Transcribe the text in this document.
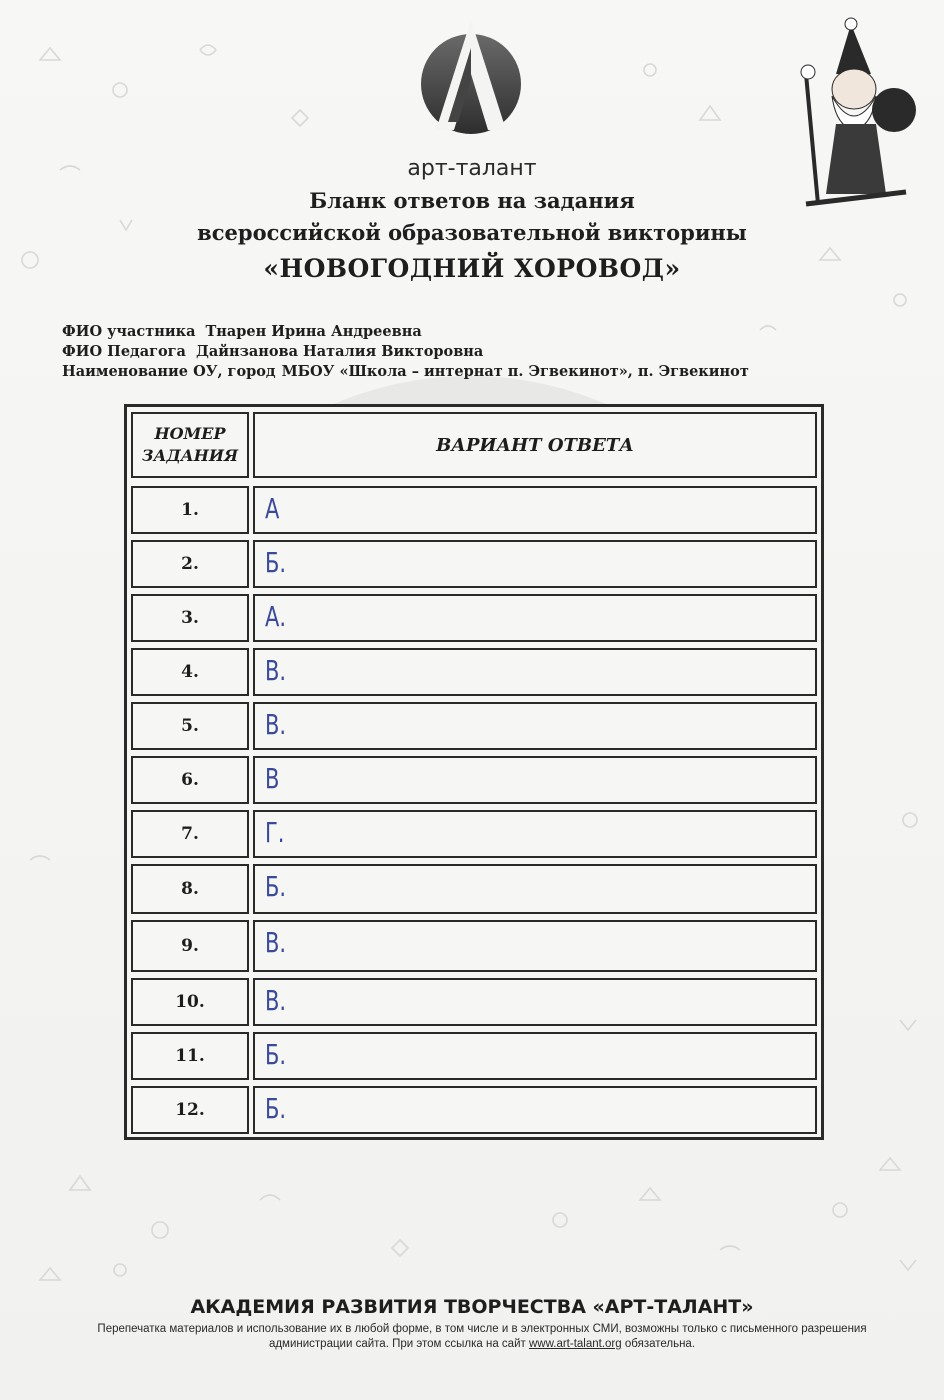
арт-талант
Бланк ответов на задания
всероссийской образовательной викторины
«НОВОГОДНИЙ ХОРОВОД»
ФИО участника Тнарен Ирина Андреевна
ФИО Педагога Дайнзанова Наталия Викторовна
Наименование ОУ, город МБОУ «Школа – интернат п. Эгвекинот», п. Эгвекинот
НОМЕР
ЗАДАНИЯ	ВАРИАНТ ОТВЕТА
1.	А
2.	Б.
3.	А.
4.	В.
5.	В.
6.	В
7.	Г.
8.	Б.
9.	В.
10.	В.
11.	Б.
12.	Б.
АКАДЕМИЯ РАЗВИТИЯ ТВОРЧЕСТВА «АРТ-ТАЛАНТ»
Перепечатка материалов и использование их в любой форме, в том числе и в электронных СМИ, возможны только с письменного разрешения администрации сайта. При этом ссылка на сайт www.art-talant.org обязательна.
